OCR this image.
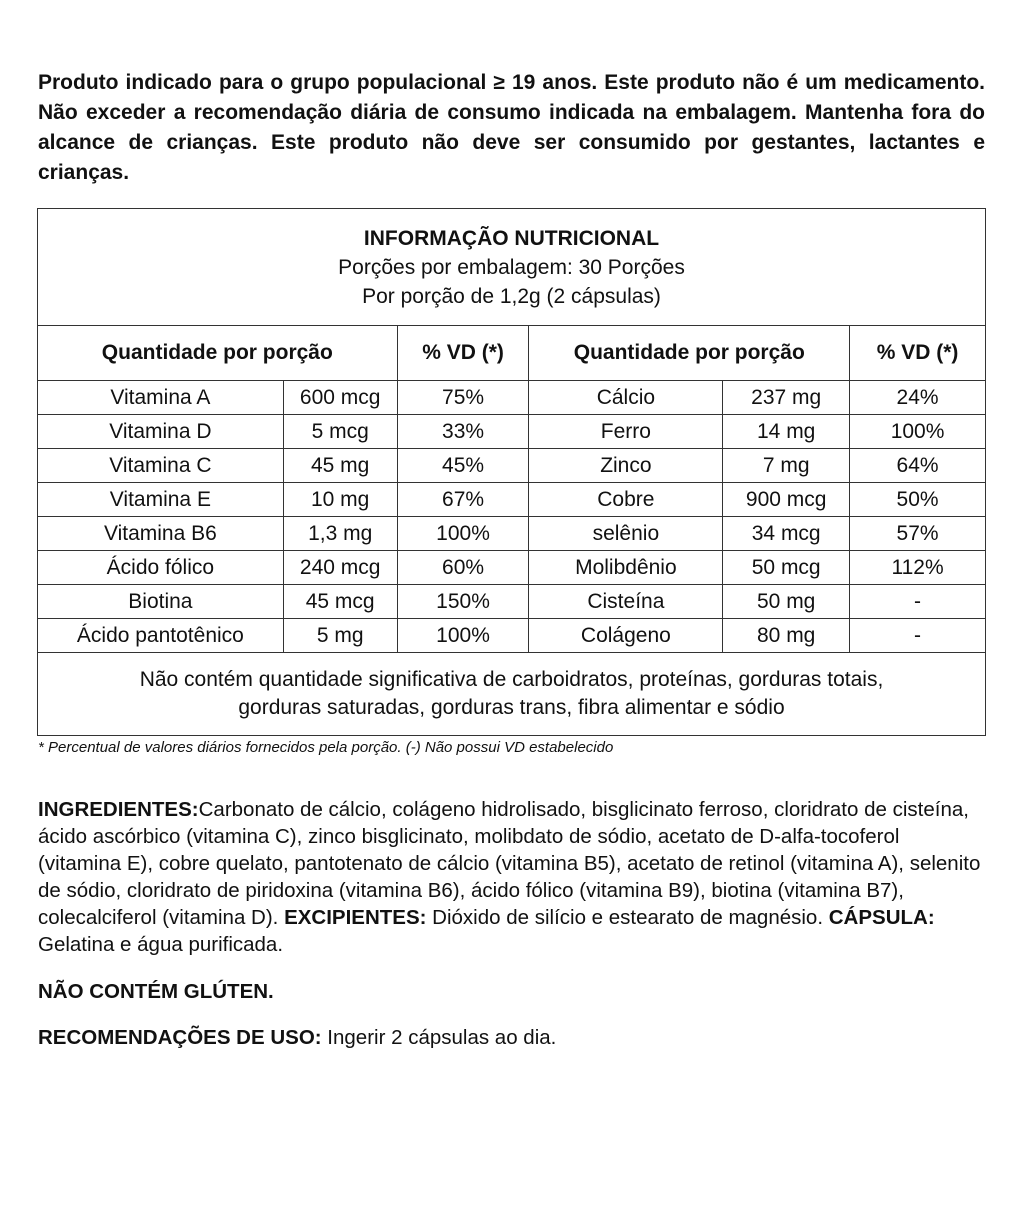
Produto indicado para o grupo populacional ≥ 19 anos. Este produto não é um medicamento. Não exceder a recomendação diária de consumo indicada na embalagem. Mantenha fora do alcance de crianças. Este produto não deve ser consumido por gestantes, lactantes e crianças.
INFORMAÇÃO NUTRICIONAL
Porções por embalagem: 30 Porções
Por porção de 1,2g (2 cápsulas)					

Quantidade por porção		% VD (*)	Quantidade por porção		% VD (*)
Vitamina A	600 mcg	75%	Cálcio	237 mg	24%
Vitamina D	5 mcg	33%	Ferro	14 mg	100%
Vitamina C	45 mg	45%	Zinco	7 mg	64%
Vitamina E	10 mg	67%	Cobre	900 mcg	50%
Vitamina B6	1,3 mg	100%	selênio	34 mcg	57%
Ácido fólico	240 mcg	60%	Molibdênio	50 mcg	112%
Biotina	45 mcg	150%	Cisteína	50 mg	-
Ácido pantotênico	5 mg	100%	Colágeno	80 mg	-

Não contém quantidade significativa de carboidratos, proteínas, gorduras totais,
gorduras saturadas, gorduras trans, fibra alimentar e sódio					
* Percentual de valores diários fornecidos pela porção. (-) Não possui VD estabelecido
INGREDIENTES:Carbonato de cálcio, colágeno hidrolisado, bisglicinato ferroso, cloridrato de cisteína, ácido ascórbico (vitamina C), zinco bisglicinato, molibdato de sódio, acetato de D-alfa-tocoferol (vitamina E), cobre quelato, pantotenato de cálcio (vitamina B5), acetato de retinol (vitamina A), selenito de sódio, cloridrato de piridoxina (vitamina B6), ácido fólico (vitamina B9), biotina (vitamina B7), colecalciferol (vitamina D). EXCIPIENTES: Dióxido de silício e estearato de magnésio. CÁPSULA: Gelatina e água purificada.
NÃO CONTÉM GLÚTEN.
RECOMENDAÇÕES DE USO: Ingerir 2 cápsulas ao dia.
